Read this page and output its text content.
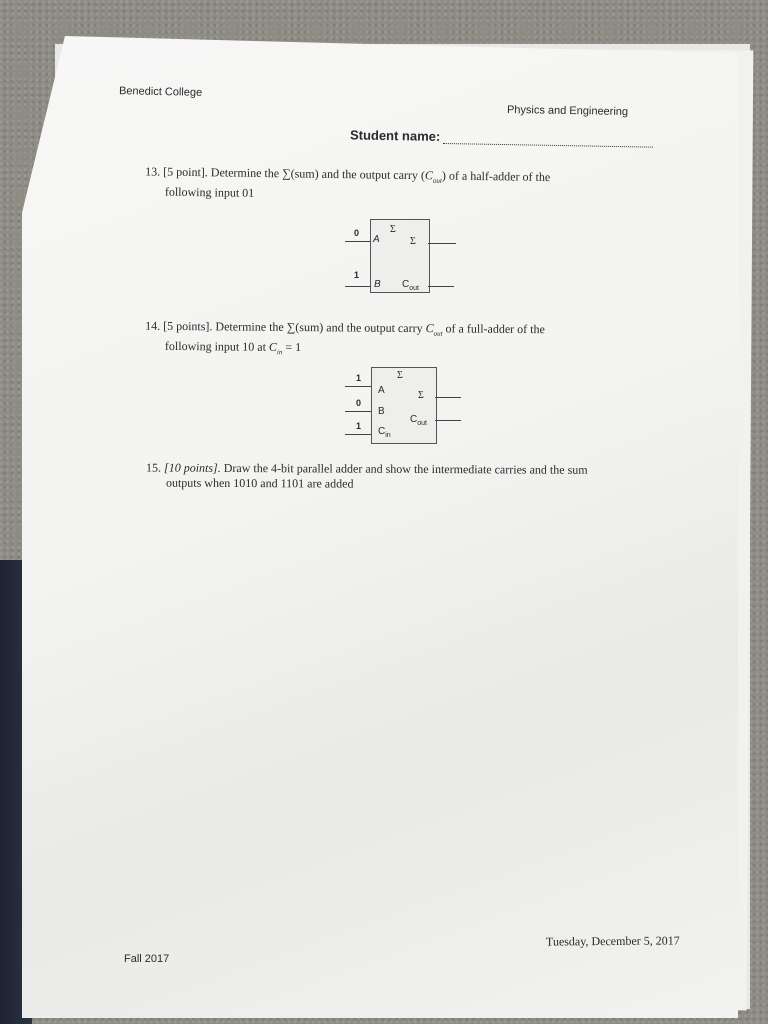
Benedict College
Physics and Engineering
Student name:
13. [5 point]. Determine the ∑(sum) and the output carry $(C_{out})$ of a half-adder of the
following input 01
0
A
Σ
Σ
1
B $C_{out}$
14. [5 points]. Determine the ∑(sum) and the output carry $C_{out}$ of a full-adder of the
following input 10 at $C_{in} = 1$
1
0
1
A
B
$C_{in}$
Σ
Σ
$C_{out}$
15. [10 points]. Draw the 4-bit parallel adder and show the intermediate carries and the sum
outputs when 1010 and 1101 are added
Fall 2017
Tuesday, December 5, 2017
